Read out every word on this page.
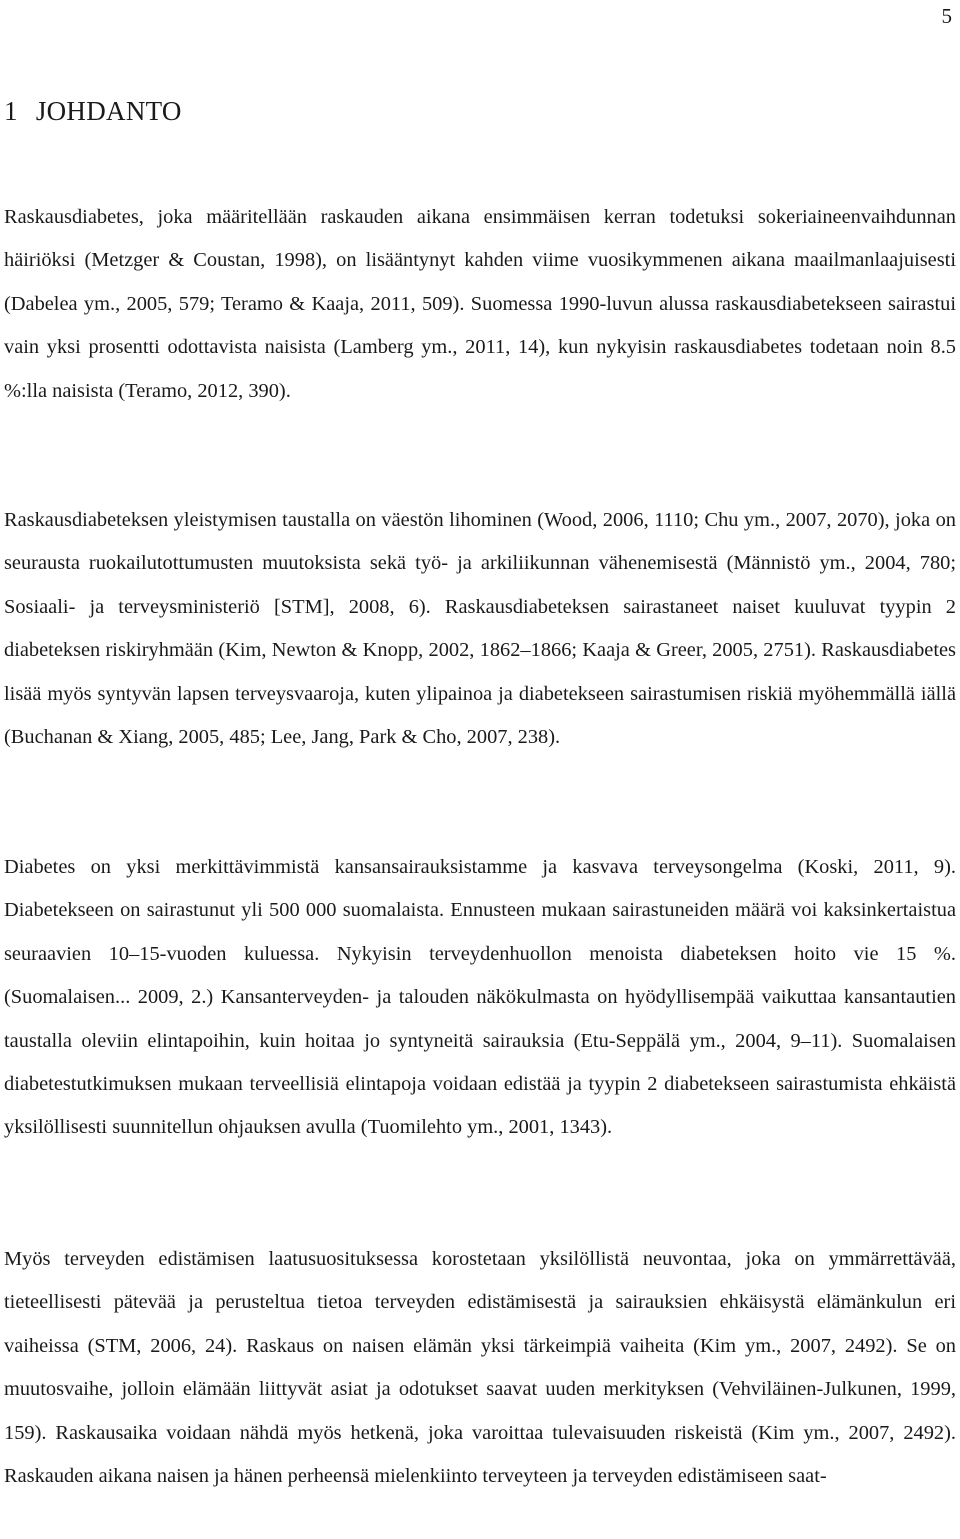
5
1 JOHDANTO

Raskausdiabetes, joka määritellään raskauden aikana ensimmäisen kerran todetuksi sokeriaineenvaihdunnan häiriöksi (Metzger & Coustan, 1998), on lisääntynyt kahden viime vuosikymmenen aikana maailmanlaajuisesti (Dabelea ym., 2005, 579; Teramo & Kaaja, 2011, 509). Suomessa 1990-luvun alussa raskausdiabetekseen sairastui vain yksi prosentti odottavista naisista (Lamberg ym., 2011, 14), kun nykyisin raskausdiabetes todetaan noin 8.5 %:lla naisista (Teramo, 2012, 390).

Raskausdiabeteksen yleistymisen taustalla on väestön lihominen (Wood, 2006, 1110; Chu ym., 2007, 2070), joka on seurausta ruokailutottumusten muutoksista sekä työ- ja arkiliikunnan vähenemisestä (Männistö ym., 2004, 780; Sosiaali- ja terveysministeriö [STM], 2008, 6). Raskausdiabeteksen sairastaneet naiset kuuluvat tyypin 2 diabeteksen riskiryhmään (Kim, Newton & Knopp, 2002, 1862–1866; Kaaja & Greer, 2005, 2751). Raskausdiabetes lisää myös syntyvän lapsen terveysvaaroja, kuten ylipainoa ja diabetekseen sairastumisen riskiä myöhemmällä iällä (Buchanan & Xiang, 2005, 485; Lee, Jang, Park & Cho, 2007, 238).

Diabetes on yksi merkittävimmistä kansansairauksistamme ja kasvava terveysongelma (Koski, 2011, 9). Diabetekseen on sairastunut yli 500 000 suomalaista. Ennusteen mukaan sairastuneiden määrä voi kaksinkertaistua seuraavien 10–15-vuoden kuluessa. Nykyisin terveydenhuollon menoista diabeteksen hoito vie 15 %. (Suomalaisen... 2009, 2.) Kansanterveyden- ja talouden näkökulmasta on hyödyllisempää vaikuttaa kansantautien taustalla oleviin elintapoihin, kuin hoitaa jo syntyneitä sairauksia (Etu-Seppälä ym., 2004, 9–11). Suomalaisen diabetestutkimuksen mukaan terveellisiä elintapoja voidaan edistää ja tyypin 2 diabetekseen sairastumista ehkäistä yksilöllisesti suunnitellun ohjauksen avulla (Tuomilehto ym., 2001, 1343).

Myös terveyden edistämisen laatusuosituksessa korostetaan yksilöllistä neuvontaa, joka on ymmärrettävää, tieteellisesti pätevää ja perusteltua tietoa terveyden edistämisestä ja sairauksien ehkäisystä elämänkulun eri vaiheissa (STM, 2006, 24). Raskaus on naisen elämän yksi tärkeimpiä vaiheita (Kim ym., 2007, 2492). Se on muutosvaihe, jolloin elämään liittyvät asiat ja odotukset saavat uuden merkityksen (Vehviläinen-Julkunen, 1999, 159). Raskausaika voidaan nähdä myös hetkenä, joka varoittaa tulevaisuuden riskeistä (Kim ym., 2007, 2492). Raskauden aikana naisen ja hänen perheensä mielenkiinto terveyteen ja terveyden edistämiseen saat-
